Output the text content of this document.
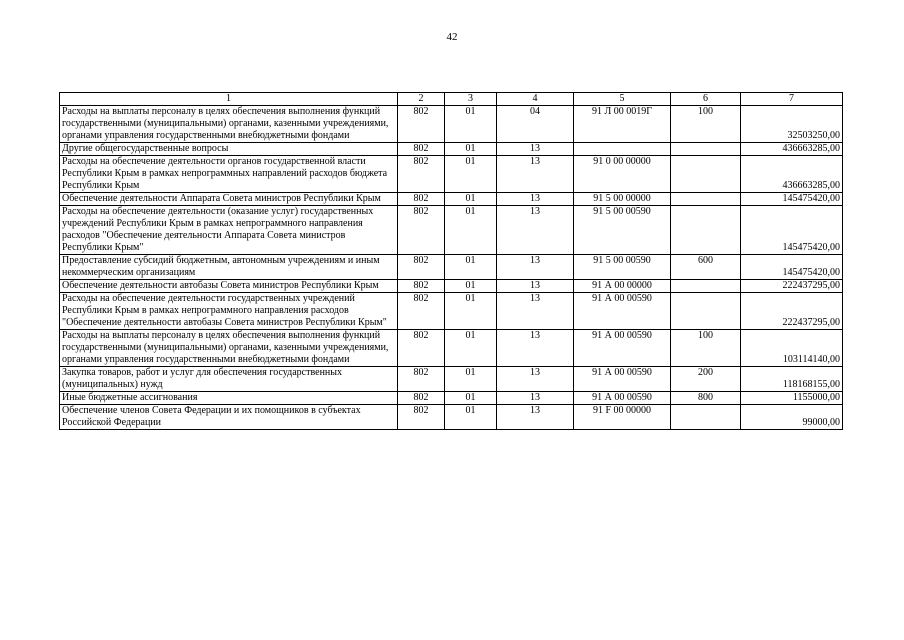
42
1	2	3	4	5	6	7
Расходы на выплаты персоналу в целях обеспечения выполнения функций государственными (муниципальными) органами, казенными учреждениями, органами управления государственными внебюджетными фондами	802	01	04	91 Л 00 0019Г	100	32503250,00
Другие общегосударственные вопросы	802	01	13			436663285,00
Расходы на обеспечение деятельности органов государственной власти Республики Крым в рамках непрограммных направлений расходов бюджета Республики Крым	802	01	13	91 0 00 00000		436663285,00
Обеспечение деятельности Аппарата Совета министров Республики Крым	802	01	13	91 5 00 00000		145475420,00
Расходы на обеспечение деятельности (оказание услуг) государственных учреждений Республики Крым в рамках непрограммного направления расходов "Обеспечение деятельности Аппарата Совета министров Республики Крым"	802	01	13	91 5 00 00590		145475420,00
Предоставление субсидий бюджетным, автономным учреждениям и иным некоммерческим организациям	802	01	13	91 5 00 00590	600	145475420,00
Обеспечение деятельности автобазы Совета министров Республики Крым	802	01	13	91 А 00 00000		222437295,00
Расходы на обеспечение деятельности государственных учреждений Республики Крым в рамках непрограммного направления расходов "Обеспечение деятельности автобазы Совета министров Республики Крым"	802	01	13	91 А 00 00590		222437295,00
Расходы на выплаты персоналу в целях обеспечения выполнения функций государственными (муниципальными) органами, казенными учреждениями, органами управления государственными внебюджетными фондами	802	01	13	91 А 00 00590	100	103114140,00
Закупка товаров, работ и услуг для обеспечения государственных (муниципальных) нужд	802	01	13	91 А 00 00590	200	118168155,00
Иные бюджетные ассигнования	802	01	13	91 А 00 00590	800	1155000,00
Обеспечение членов Совета Федерации и их помощников в субъектах Российской Федерации	802	01	13	91 F 00 00000		99000,00
